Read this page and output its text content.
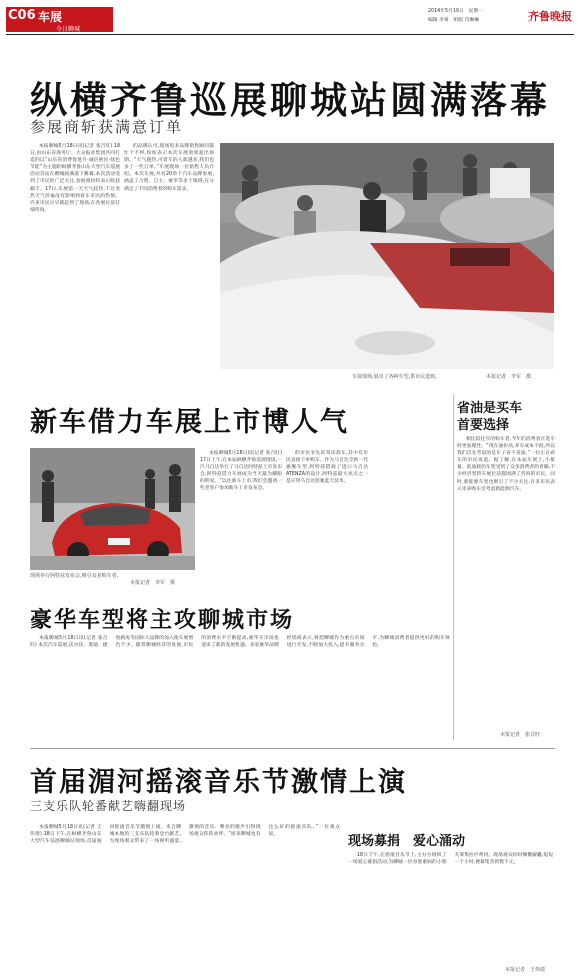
C06 车展
今日聊城
2014年5月19日　星期一
编辑 李爽　组版 肖琳琳	齐鲁晚报
纵横齐鲁巡展聊城站圆满落幕
参展商斩获满意订单

本报聊城5月18日讯(记者 张召旺) 18日,由山东省商务厅、大众报业集团共同打造的以“山东省消费促进月·诚信惠民·绿色节能”为主题的纵横齐鲁山东大型汽车巡展活动首站在聊城圆满落下帷幕,本次活动受到了市民的广泛关注,参展商纷纷表示收获颇丰。17日,车展第一天天气较热,不过炎热天气丝毫没有影响到看车市民的热情。许多市民早早就赶到了现场,在各展位前仔细咨询。

的品牌认可,现场很多品牌销售顾问都忙个不停,纷纷表示本次车展效果超出预期。“天气越热,可着车的人就越多,我们也多了一些订单。”车展现场一位销售人员介绍。本次车展,共有20余个汽车品牌参展,涵盖了合资、自主、豪华等多个领域,充分满足了不同消费者的购车需求。

车展现场,展出了各种车型,供市民选购。	本报记者　李军　摄
新车借力车展上市博人气
现场举行阿特兹发布会,吸引众多购车者。
本报记者　李军　摄

本报聊城5月18日讯(记者 张召旺) 17日上午,在本届纵横齐鲁巡展现场,一汽马自达举行了马自达阿特兹上市发布会,阿特兹借力车展成为当天最为耀眼的明星。“以往新车上市,我们会邀请一些老客户参加新车上市发布会。

的市民争先试驾该款车,其中有市民直接下单购车。作为马自达全新一代旗舰车型,阿特兹搭载了进口马自达ATENZA的设计,阿特兹最大亮点之一是应用马自达创驰蓝天技术。

省油是买车
首要选择

相比较往年的购车者,今年的消费者在选车时更加理性。“现在油价高,养车成本不低,所以我们首先考虑的是车子省不省油。”一位正在看车的市民说道。据了解,在本届车展上,小排量、低油耗的车型受到了众多消费者的青睐,不少经济型轿车展位前都围满了咨询的市民。同时,新能源车型也吸引了不少关注,许多市民表示未来购车会考虑新能源汽车。

本报记者　张召旺
豪华车型将主攻聊城市场

本报聊城5月18日讯(记者 张召旺) 本次汽车巡展,沃尔沃、奥迪、捷豹路虎等国际大品牌的加入使车展增色不少。随着聊城经济的发展,市民的消费水平不断提高,豪华车市场也迎来了新的发展机遇。多家豪华品牌经销商表示,将把聊城作为重点市场进行开发,不断加大投入,提升服务水平,为聊城消费者提供更好的购车体验。

首届湄河摇滚音乐节激情上演
三支乐队轮番献艺嗨翻现场

本报聊城5月18日讯(记者 王伟倩) 18日下午,在纵横齐鲁山东大型汽车巡展聊城站现场,首届湄河摇滚音乐节激情上演。来自聊城本地的三支乐队轮番登台献艺,为现场观众带来了一场视听盛宴,激情的音乐、嘹亮的歌声引得现场观众阵阵欢呼。“原来聊城也有这么好的摇滚乐队。”一位观众说。	现场募捐　爱心涌动

18日下午,在摇滚音乐节上,主办方组织了一场爱心募捐活动,为聊城一位身患重病的小朋友筹集医疗费用。现场观众纷纷慷慨解囊,短短一个小时,便募集善款数千元。

本报记者　王伟倩
